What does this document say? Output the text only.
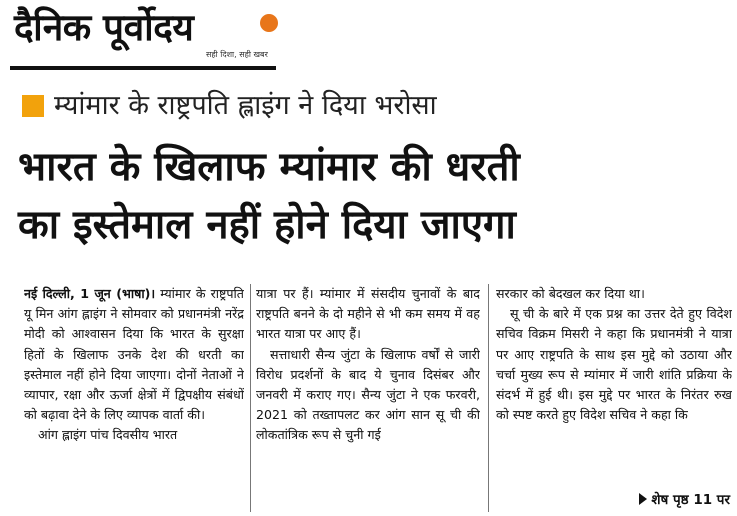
दैनिक पूर्वोदय
सही दिशा, सही खबर
म्यांमार के राष्ट्रपति ह्लाइंग ने दिया भरोसा
भारत के खिलाफ म्यांमार की धरती
का इस्तेमाल नहीं होने दिया जाएगा

नई दिल्ली, 1 जून (भाषा)। म्यांमार के राष्ट्रपति यू मिन आंग ह्लाइंग ने सोमवार को प्रधानमंत्री नरेंद्र मोदी को आश्वासन दिया कि भारत के सुरक्षा हितों के खिलाफ उनके देश की धरती का इस्तेमाल नहीं होने दिया जाएगा। दोनों नेताओं ने व्यापार, रक्षा और ऊर्जा क्षेत्रों में द्विपक्षीय संबंधों को बढ़ावा देने के लिए व्यापक वार्ता की।

आंग ह्लाइंग पांच दिवसीय भारत

यात्रा पर हैं। म्यांमार में संसदीय चुनावों के बाद राष्ट्रपति बनने के दो महीने से भी कम समय में वह भारत यात्रा पर आए हैं।

सत्ताधारी सैन्य जुंटा के खिलाफ वर्षों से जारी विरोध प्रदर्शनों के बाद ये चुनाव दिसंबर और जनवरी में कराए गए। सैन्य जुंटा ने एक फरवरी, 2021 को तख्तापलट कर आंग सान सू ची की लोकतांत्रिक रूप से चुनी गई

सरकार को बेदखल कर दिया था।

सू ची के बारे में एक प्रश्न का उत्तर देते हुए विदेश सचिव विक्रम मिसरी ने कहा कि प्रधानमंत्री ने यात्रा पर आए राष्ट्रपति के साथ इस मुद्दे को उठाया और चर्चा मुख्य रूप से म्यांमार में जारी शांति प्रक्रिया के संदर्भ में हुई थी। इस मुद्दे पर भारत के निरंतर रुख को स्पष्ट करते हुए विदेश सचिव ने कहा कि

शेष पृष्ठ 11 पर
